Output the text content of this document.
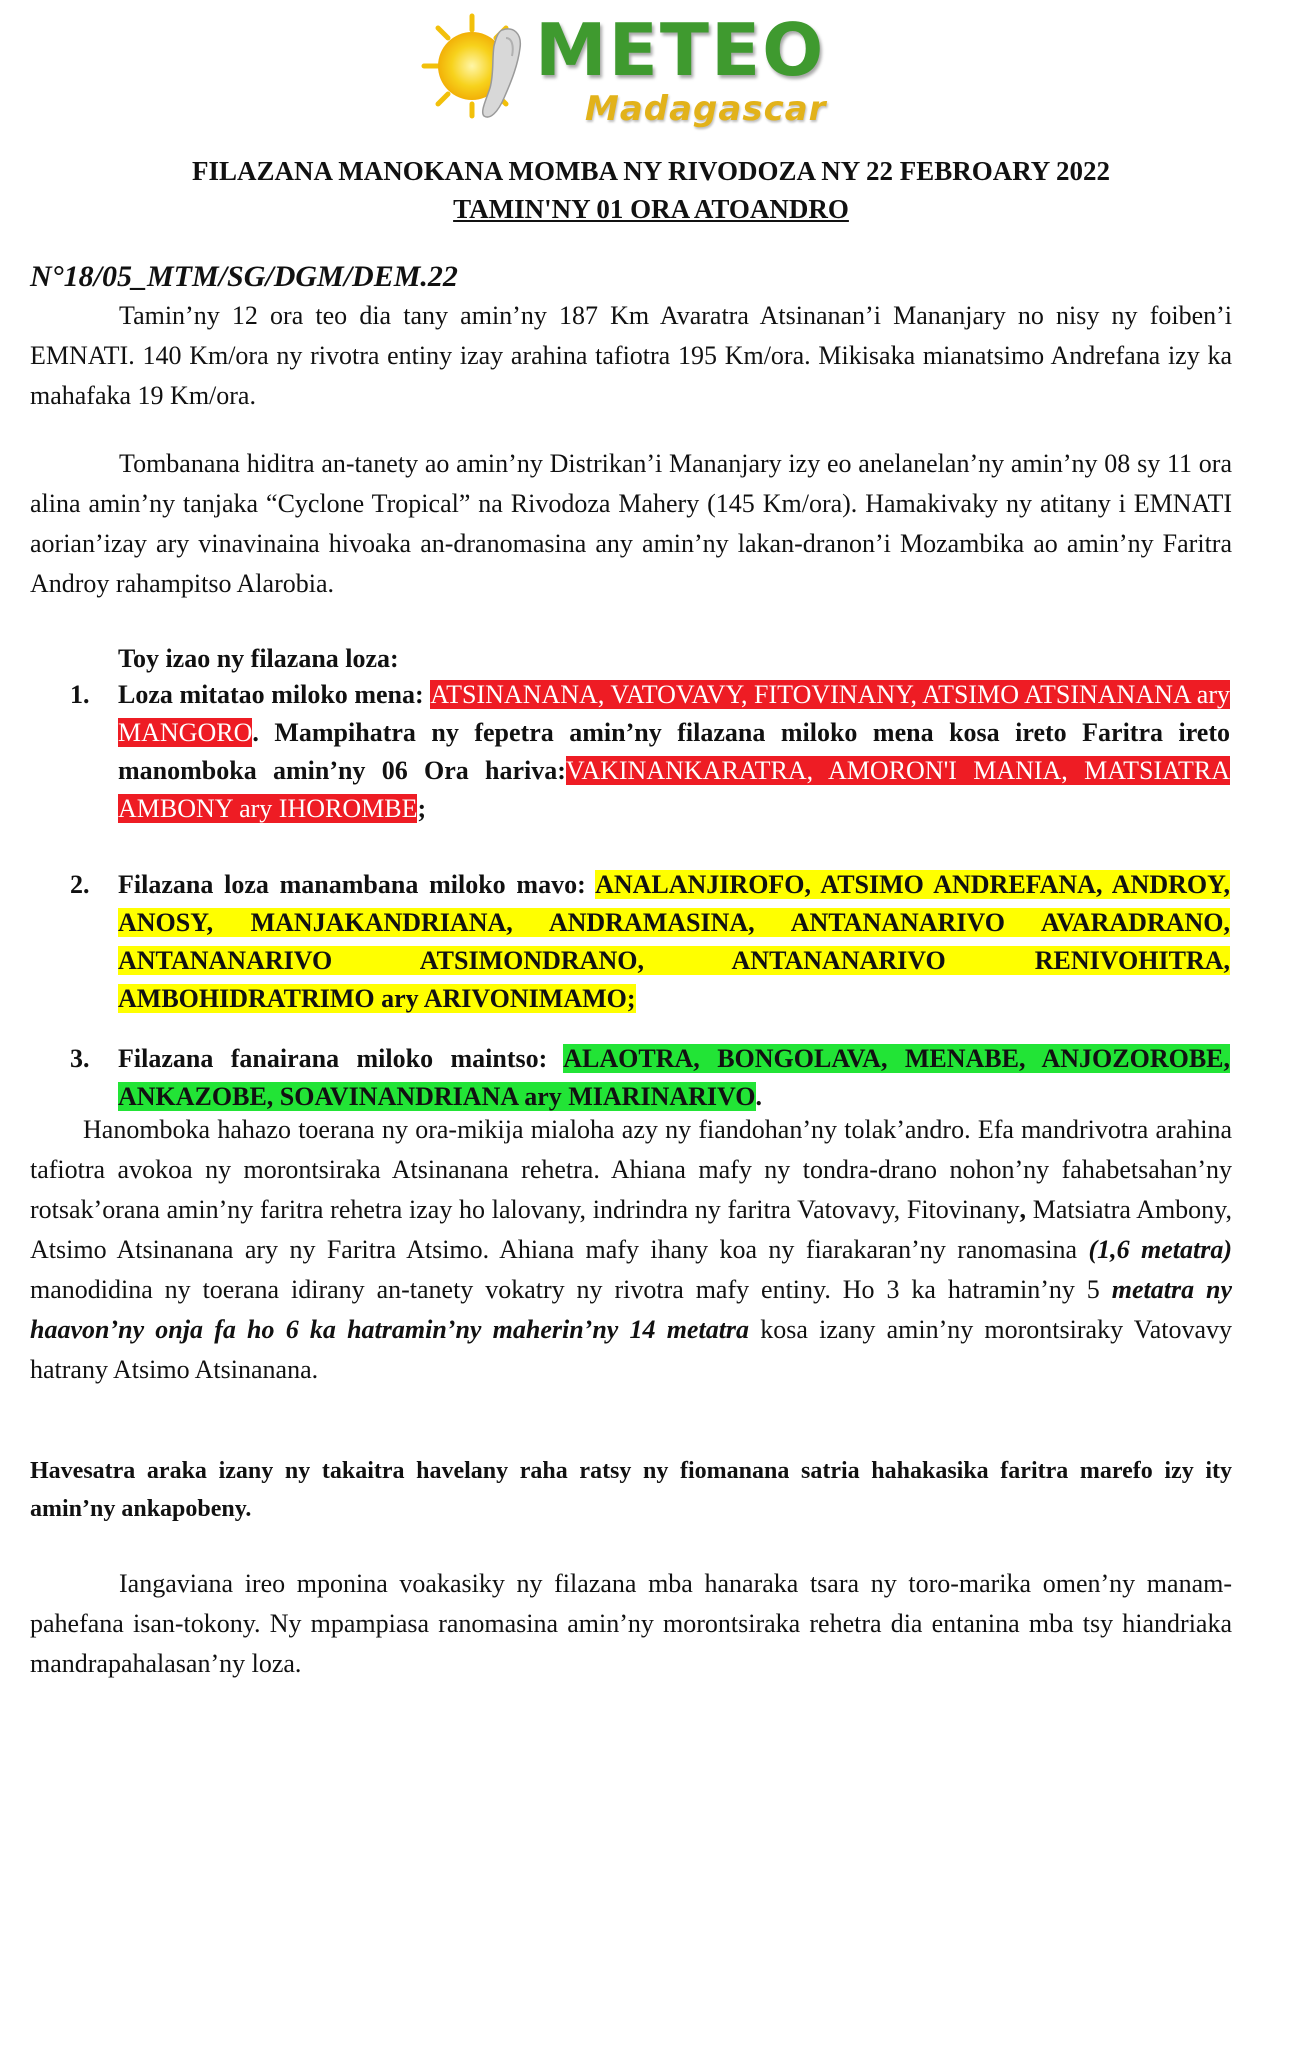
METEO
Madagascar
FILAZANA MANOKANA MOMBA NY RIVODOZA NY 22 FEBROARY 2022
TAMIN'NY 01 ORA ATOANDRO
N°18/05_MTM/SG/DGM/DEM.22
Tamin’ny 12 ora teo dia tany amin’ny 187 Km Avaratra Atsinanan’i Mananjary no nisy ny foiben’i EMNATI. 140 Km/ora ny rivotra entiny izay arahina tafiotra 195 Km/ora. Mikisaka mianatsimo Andrefana izy ka mahafaka 19 Km/ora.
Tombanana hiditra an-tanety ao amin’ny Distrikan’i Mananjary izy eo anelanelan’ny amin’ny 08 sy 11 ora alina amin’ny tanjaka “Cyclone Tropical” na Rivodoza Mahery (145 Km/ora). Hamakivaky ny atitany i EMNATI aorian’izay ary vinavinaina hivoaka an-dranomasina any amin’ny lakan-dranon’i Mozambika ao amin’ny Faritra Androy rahampitso Alarobia.
Toy izao ny filazana loza:
1. Loza mitatao miloko mena: ATSINANANA, VATOVAVY, FITOVINANY, ATSIMO ATSINANANA ary MANGORO. Mampihatra ny fepetra amin’ny filazana miloko mena kosa ireto Faritra ireto manomboka amin’ny 06 Ora hariva:VAKINANKARATRA, AMORON'I MANIA, MATSIATRA AMBONY ary IHOROMBE;
2. Filazana loza manambana miloko mavo: ANALANJIROFO, ATSIMO ANDREFANA, ANDROY, ANOSY, MANJAKANDRIANA, ANDRAMASINA, ANTANANARIVO AVARADRANO, ANTANANARIVO ATSIMONDRANO, ANTANANARIVO RENIVOHITRA, AMBOHIDRATRIMO ary ARIVONIMAMO;
3. Filazana fanairana miloko maintso: ALAOTRA, BONGOLAVA, MENABE, ANJOZOROBE, ANKAZOBE, SOAVINANDRIANA ary MIARINARIVO.
Hanomboka hahazo toerana ny ora-mikija mialoha azy ny fiandohan’ny tolak’andro. Efa mandrivotra arahina tafiotra avokoa ny morontsiraka Atsinanana rehetra. Ahiana mafy ny tondra-drano nohon’ny fahabetsahan’ny rotsak’orana amin’ny faritra rehetra izay ho lalovany, indrindra ny faritra Vatovavy, Fitovinany, Matsiatra Ambony, Atsimo Atsinanana ary ny Faritra Atsimo. Ahiana mafy ihany koa ny fiarakaran’ny ranomasina (1,6 metatra) manodidina ny toerana idirany an-tanety vokatry ny rivotra mafy entiny. Ho 3 ka hatramin’ny 5 metatra ny haavon’ny onja fa ho 6 ka hatramin’ny maherin’ny 14 metatra kosa izany amin’ny morontsiraky Vatovavy hatrany Atsimo Atsinanana.
Havesatra araka izany ny takaitra havelany raha ratsy ny fiomanana satria hahakasika faritra marefo izy ity amin’ny ankapobeny.
Iangaviana ireo mponina voakasiky ny filazana mba hanaraka tsara ny toro-marika omen’ny manam-pahefana isan-tokony. Ny mpampiasa ranomasina amin’ny morontsiraka rehetra dia entanina mba tsy hiandriaka mandrapahalasan’ny loza.
